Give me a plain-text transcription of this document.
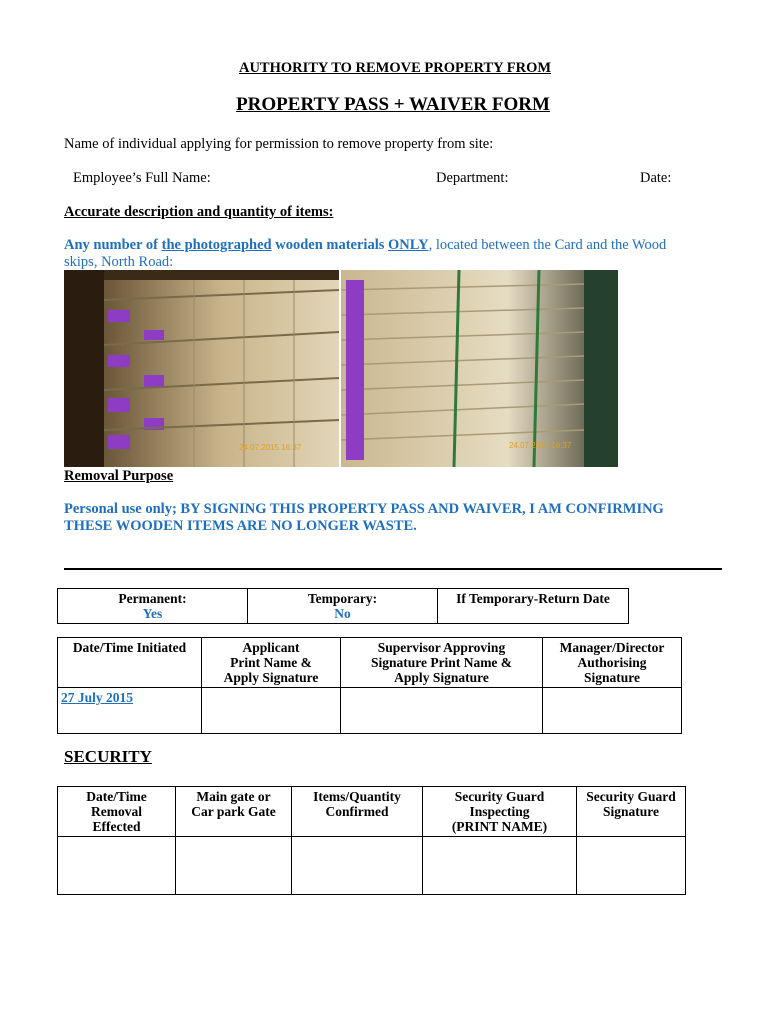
AUTHORITY TO REMOVE PROPERTY FROM
PROPERTY PASS + WAIVER FORM
Name of individual applying for permission to remove property from site:
Employee’s Full Name:	Department:	Date:
Accurate description and quantity of items:
Any number of the photographed wooden materials ONLY, located between the Card and the Wood
skips, North Road:
24.07.2015 16:37	24.07.2015 16:37
Removal Purpose
Personal use only; BY SIGNING THIS PROPERTY PASS AND WAIVER, I AM CONFIRMING
THESE WOODEN ITEMS ARE NO LONGER WASTE.
Permanent:
Yes

Temporary:
No

If Temporary-Return Date
Date/Time Initiated	Applicant
Print Name &
Apply Signature	Supervisor Approving
Signature Print Name &
Apply Signature	Manager/Director
Authorising
Signature
27 July 2015			
SECURITY
Date/Time
Removal
Effected	Main gate or
Car park Gate	Items/Quantity
Confirmed	Security Guard
Inspecting
(PRINT NAME)	Security Guard
Signature
